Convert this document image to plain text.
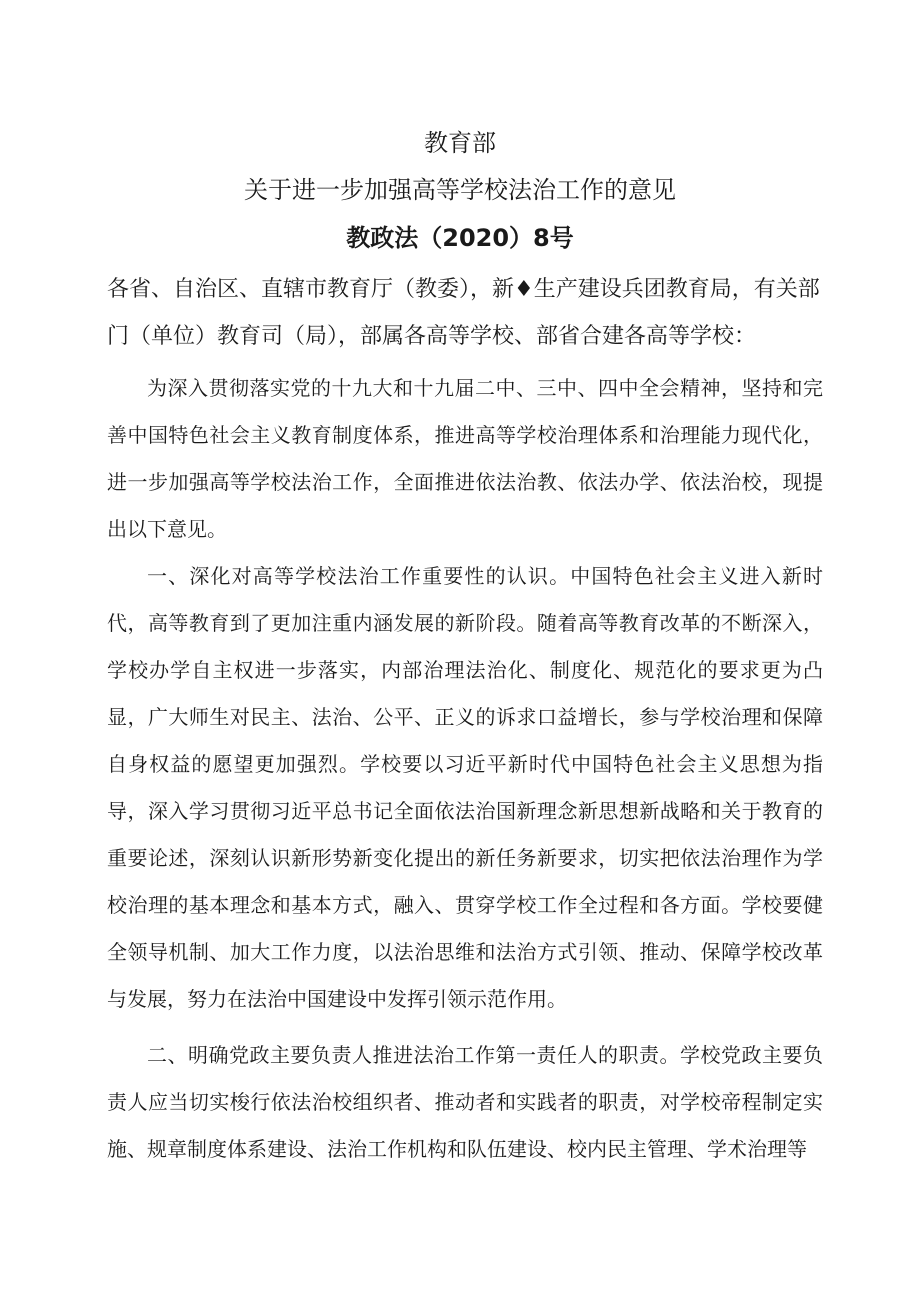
教育部
关于进一步加强高等学校法治工作的意见
教政法（2020）8号
各省、自治区、直辖市教育厅（教委），新♦生产建设兵团教育局，有关部
门（单位）教育司（局），部属各高等学校、部省合建各高等学校：

为深入贯彻落实党的十九大和十九届二中、三中、四中全会精神，坚持和完善中国特色社会主义教育制度体系，推进高等学校治理体系和治理能力现代化，进一步加强高等学校法治工作，全面推进依法治教、依法办学、依法治校，现提出以下意见。

一、深化对高等学校法治工作重要性的认识。中国特色社会主义进入新时代，高等教育到了更加注重内涵发展的新阶段。随着高等教育改革的不断深入，学校办学自主权进一步落实，内部治理法治化、制度化、规范化的要求更为凸显，广大师生对民主、法治、公平、正义的诉求口益增长，参与学校治理和保障自身权益的愿望更加强烈。学校要以习近平新时代中国特色社会主义思想为指导，深入学习贯彻习近平总书记全面依法治国新理念新思想新战略和关于教育的重要论述，深刻认识新形势新变化提出的新任务新要求，切实把依法治理作为学校治理的基本理念和基本方式，融入、贯穿学校工作全过程和各方面。学校要健全领导机制、加大工作力度，以法治思维和法治方式引领、推动、保障学校改革与发展，努力在法治中国建设中发挥引领示范作用。

二、明确党政主要负责人推进法治工作第一责任人的职责。学校党政主要负责人应当切实梭行依法治校组织者、推动者和实践者的职责，对学校帝程制定实施、规章制度体系建设、法治工作机构和队伍建设、校内民主管理、学术治理等
